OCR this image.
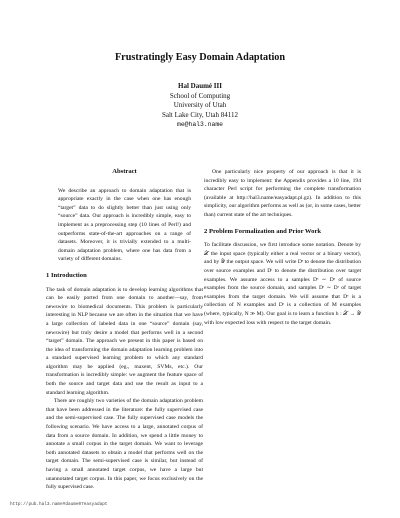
Frustratingly Easy Domain Adaptation
Hal Daumé III
School of Computing
University of Utah
Salt Lake City, Utah 84112
me@hal3.name
Abstract
We describe an approach to domain adaptation that is appropriate exactly in the case when one has enough “target” data to do slightly better than just using only “source” data. Our approach is incredibly simple, easy to implement as a preprocessing step (10 lines of Perl!) and outperforms state-of-the-art approaches on a range of datasets. Moreover, it is trivially extended to a multi-domain adaptation problem, where one has data from a variety of different domains.
1 Introduction

The task of domain adaptation is to develop learning algorithms that can be easily ported from one domain to another—say, from newswire to biomedical documents. This problem is particularly interesting in NLP because we are often in the situation that we have a large collection of labeled data in one “source” domain (say, newswire) but truly desire a model that performs well in a second “target” domain. The approach we present in this paper is based on the idea of transforming the domain adaptation learning problem into a standard supervised learning problem to which any standard algorithm may be applied (eg., maxent, SVMs, etc.). Our transformation is incredibly simple: we augment the feature space of both the source and target data and use the result as input to a standard learning algorithm.

There are roughly two varieties of the domain adaptation problem that have been addressed in the literature: the fully supervised case and the semi-supervised case. The fully supervised case models the following scenario. We have access to a large, annotated corpus of data from a source domain. In addition, we spend a little money to annotate a small corpus in the target domain. We want to leverage both annotated datasets to obtain a model that performs well on the target domain. The semi-supervised case is similar, but instead of having a small annotated target corpus, we have a large but unannotated target corpus. In this paper, we focus exclusively on the fully supervised case.

One particularly nice property of our approach is that it is incredibly easy to implement: the Appendix provides a 10 line, 194 character Perl script for performing the complete transformation (available at http://hal3.name/easyadapt.pl.gz). In addition to this simplicity, our algorithm performs as well as (or, in some cases, better than) current state of the art techniques.

2 Problem Formalization and Prior Work

To facilitate discussion, we first introduce some notation. Denote by 𝒳 the input space (typically either a real vector or a binary vector), and by 𝒴 the output space. We will write Dˢ to denote the distribution over source examples and Dᵗ to denote the distribution over target examples. We assume access to a samples Dˢ ∼ Dˢ of source examples from the source domain, and samples Dᵗ ∼ Dᵗ of target examples from the target domain. We will assume that Dˢ is a collection of N examples and Dᵗ is a collection of M examples (where, typically, N ≫ M). Our goal is to learn a function h : 𝒳 → 𝒴 with low expected loss with respect to the target domain.

http://pub.hal3.name#daume07easyadapt
